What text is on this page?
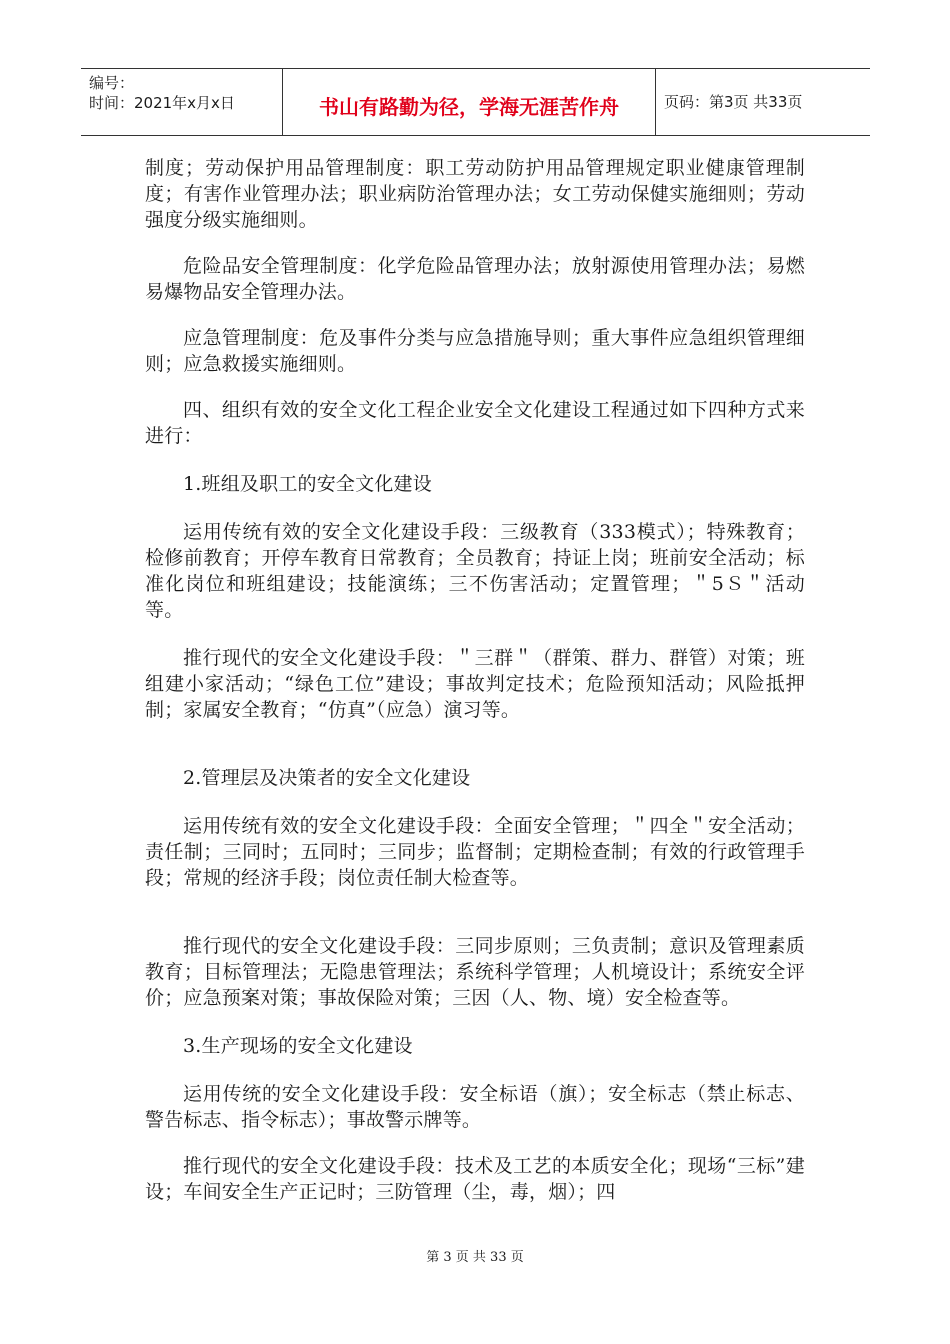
编号：
时间：2021年x月x日	书山有路勤为径，学海无涯苦作舟	页码：第3页 共33页

制度；劳动保护用品管理制度：职工劳动防护用品管理规定职业健康管理制度；有害作业管理办法；职业病防治管理办法；女工劳动保健实施细则；劳动强度分级实施细则。

危险品安全管理制度：化学危险品管理办法；放射源使用管理办法；易燃易爆物品安全管理办法。

应急管理制度：危及事件分类与应急措施导则；重大事件应急组织管理细则；应急救援实施细则。

四、组织有效的安全文化工程企业安全文化建设工程通过如下四种方式来进行：

1.班组及职工的安全文化建设

运用传统有效的安全文化建设手段：三级教育（333模式）；特殊教育；检修前教育；开停车教育日常教育；全员教育；持证上岗；班前安全活动；标准化岗位和班组建设；技能演练；三不伤害活动；定置管理；＂5Ｓ＂活动等。

推行现代的安全文化建设手段：＂三群＂（群策、群力、群管）对策；班组建小家活动；“绿色工位”建设；事故判定技术；危险预知活动；风险抵押制；家属安全教育；“仿真”（应急）演习等。

2.管理层及决策者的安全文化建设

运用传统有效的安全文化建设手段：全面安全管理；＂四全＂安全活动；责任制；三同时；五同时；三同步；监督制；定期检查制；有效的行政管理手段；常规的经济手段；岗位责任制大检查等。

推行现代的安全文化建设手段：三同步原则；三负责制；意识及管理素质教育；目标管理法；无隐患管理法；系统科学管理；人机境设计；系统安全评价；应急预案对策；事故保险对策；三因（人、物、境）安全检查等。

3.生产现场的安全文化建设

运用传统的安全文化建设手段：安全标语（旗）；安全标志（禁止标志、警告标志、指令标志）；事故警示牌等。

推行现代的安全文化建设手段：技术及工艺的本质安全化；现场“三标”建设；车间安全生产正记时；三防管理（尘，毒，烟）；四

第 3 页 共 33 页
